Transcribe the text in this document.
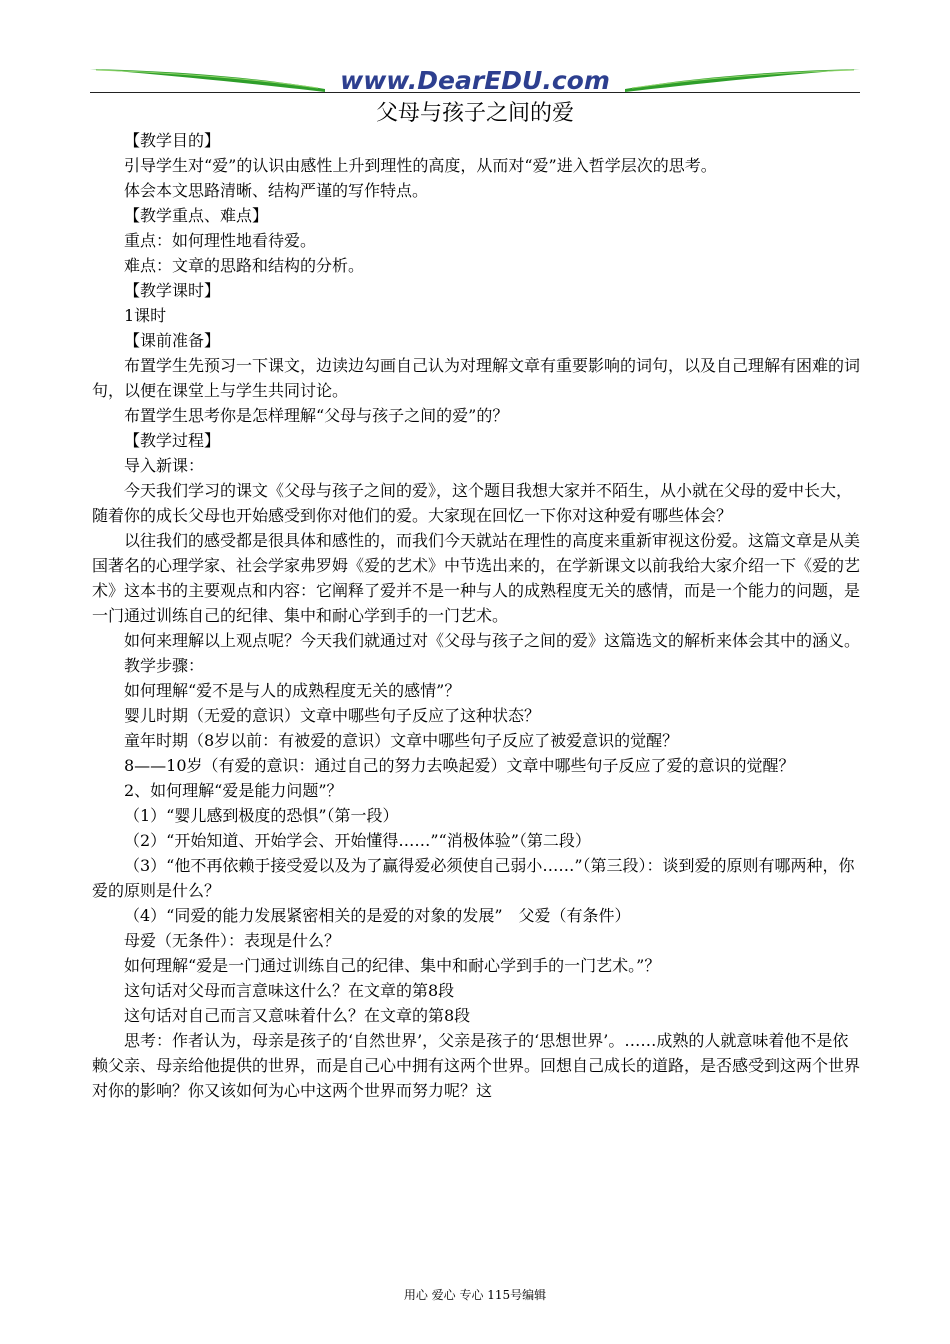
www.DearEDU.com
父母与孩子之间的爱

【教学目的】

引导学生对“爱”的认识由感性上升到理性的高度，从而对“爱”进入哲学层次的思考。

体会本文思路清晰、结构严谨的写作特点。

【教学重点、难点】

重点：如何理性地看待爱。

难点：文章的思路和结构的分析。

【教学课时】

1课时

【课前准备】

布置学生先预习一下课文，边读边勾画自己认为对理解文章有重要影响的词句，以及自己理解有困难的词句，以便在课堂上与学生共同讨论。

布置学生思考你是怎样理解“父母与孩子之间的爱”的？

【教学过程】

导入新课：

今天我们学习的课文《父母与孩子之间的爱》，这个题目我想大家并不陌生，从小就在父母的爱中长大，随着你的成长父母也开始感受到你对他们的爱。大家现在回忆一下你对这种爱有哪些体会？

以往我们的感受都是很具体和感性的，而我们今天就站在理性的高度来重新审视这份爱。这篇文章是从美国著名的心理学家、社会学家弗罗姆《爱的艺术》中节选出来的，在学新课文以前我给大家介绍一下《爱的艺术》这本书的主要观点和内容：它阐释了爱并不是一种与人的成熟程度无关的感情，而是一个能力的问题，是一门通过训练自己的纪律、集中和耐心学到手的一门艺术。

如何来理解以上观点呢？今天我们就通过对《父母与孩子之间的爱》这篇选文的解析来体会其中的涵义。

教学步骤：

如何理解“爱不是与人的成熟程度无关的感情”？

婴儿时期（无爱的意识）文章中哪些句子反应了这种状态？

童年时期（8岁以前：有被爱的意识）文章中哪些句子反应了被爱意识的觉醒？

8——10岁（有爱的意识：通过自己的努力去唤起爱）文章中哪些句子反应了爱的意识的觉醒？

2、如何理解“爱是能力问题”？

（1）“婴儿感到极度的恐惧”（第一段）

（2）“开始知道、开始学会、开始懂得……”“消极体验”（第二段）

（3）“他不再依赖于接受爱以及为了赢得爱必须使自己弱小……”（第三段）：谈到爱的原则有哪两种，你爱的原则是什么？

（4）“同爱的能力发展紧密相关的是爱的对象的发展”　父爱（有条件）

母爱（无条件）：表现是什么？

如何理解“爱是一门通过训练自己的纪律、集中和耐心学到手的一门艺术。”？

这句话对父母而言意味这什么？在文章的第8段

这句话对自己而言又意味着什么？在文章的第8段

思考：作者认为，母亲是孩子的‘自然世界’，父亲是孩子的‘思想世界’。……成熟的人就意味着他不是依赖父亲、母亲给他提供的世界，而是自己心中拥有这两个世界。回想自己成长的道路，是否感受到这两个世界对你的影响？你又该如何为心中这两个世界而努力呢？这

用心 爱心 专心 115号编辑
